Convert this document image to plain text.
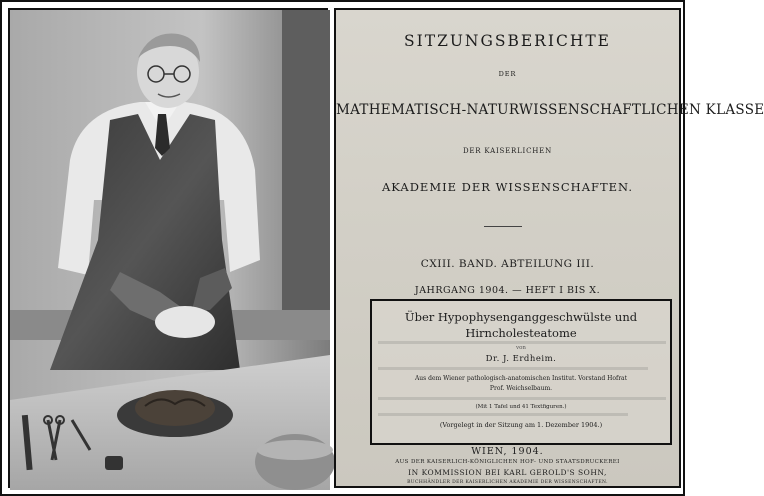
SITZUNGSBERICHTE
DER
MATHEMATISCH-NATURWISSENSCHAFTLICHEN KLASSE
DER KAISERLICHEN
AKADEMIE DER WISSENSCHAFTEN.
CXIII. BAND. ABTEILUNG III.
JAHRGANG 1904. — HEFT I BIS X.
Über Hypophysenganggeschwülste und
Hirncholesteatome
von
Dr. J. Erdheim.
Aus dem Wiener pathologisch-anatomischen Institut. Vorstand Hofrat
Prof. Weichselbaum.
(Mit 1 Tafel und 41 Textfiguren.)
(Vorgelegt in der Sitzung am 1. Dezember 1904.)
WIEN, 1904.
AUS DER KAISERLICH-KÖNIGLICHEN HOF- UND STAATSDRUCKEREI
IN KOMMISSION BEI KARL GEROLD'S SOHN,
BUCHHÄNDLER DER KAISERLICHEN AKADEMIE DER WISSENSCHAFTEN.
